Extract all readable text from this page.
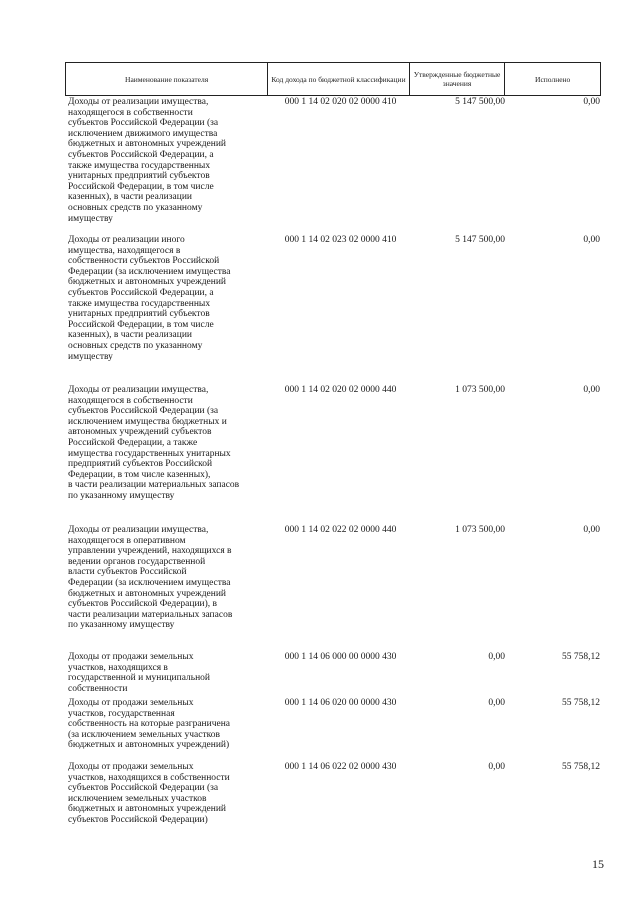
Наименование показателя	Код дохода по бюджетной классификации	Утвержденные бюджетные значения	Исполнено
Доходы от реализации имущества,
находящегося в собственности
субъектов Российской Федерации (за
исключением движимого имущества
бюджетных и автономных учреждений
субъектов Российской Федерации, а
также имущества государственных
унитарных предприятий субъектов
Российской Федерации, в том числе
казенных), в части реализации
основных средств по указанному
имуществу
000 1 14 02 020 02 0000 410	5 147 500,00	0,00
Доходы от реализации иного
имущества, находящегося в
собственности субъектов Российской
Федерации (за исключением имущества
бюджетных и автономных учреждений
субъектов Российской Федерации, а
также имущества государственных
унитарных предприятий субъектов
Российской Федерации, в том числе
казенных), в части реализации
основных средств по указанному
имуществу
000 1 14 02 023 02 0000 410	5 147 500,00	0,00
Доходы от реализации имущества,
находящегося в собственности
субъектов Российской Федерации (за
исключением имущества бюджетных и
автономных учреждений субъектов
Российской Федерации, а также
имущества государственных унитарных
предприятий субъектов Российской
Федерации, в том числе казенных),
в части реализации материальных запасов
по указанному имуществу
000 1 14 02 020 02 0000 440	1 073 500,00	0,00
Доходы от реализации имущества,
находящегося в оперативном
управлении учреждений, находящихся в
ведении органов государственной
власти субъектов Российской
Федерации (за исключением имущества
бюджетных и автономных учреждений
субъектов Российской Федерации), в
части реализации материальных запасов
по указанному имуществу
000 1 14 02 022 02 0000 440	1 073 500,00	0,00
Доходы от продажи земельных
участков, находящихся в
государственной и муниципальной
собственности
000 1 14 06 000 00 0000 430	0,00	55 758,12
Доходы от продажи земельных
участков, государственная
собственность на которые разграничена
(за исключением земельных участков
бюджетных и автономных учреждений)
000 1 14 06 020 00 0000 430	0,00	55 758,12
Доходы от продажи земельных
участков, находящихся в собственности
субъектов Российской Федерации (за
исключением земельных участков
бюджетных и автономных учреждений
субъектов Российской Федерации)
000 1 14 06 022 02 0000 430	0,00	55 758,12
15
